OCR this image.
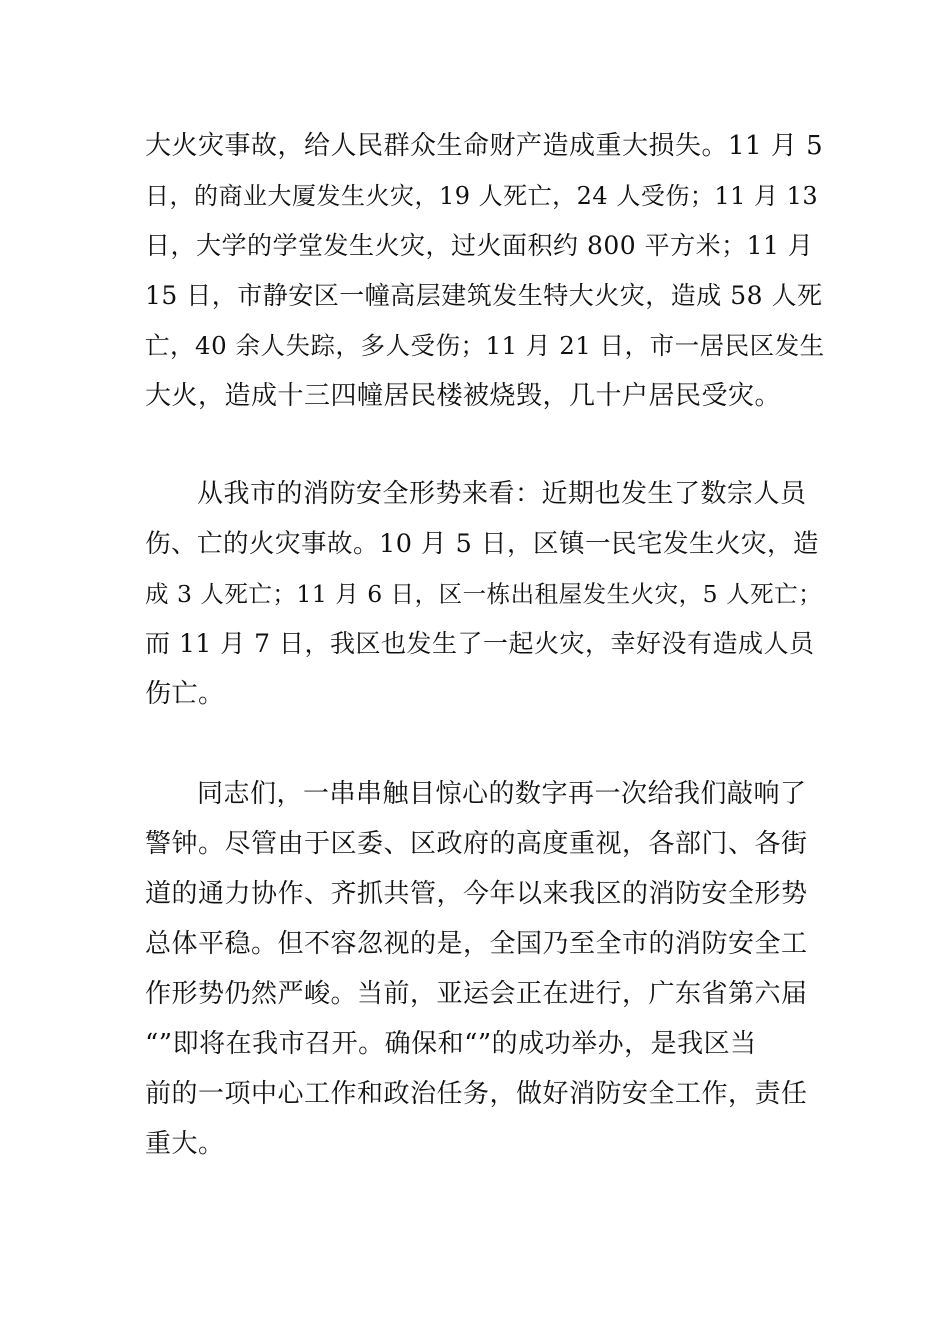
大火灾事故，给人民群众生命财产造成重大损失。11 月 5
日，的商业大厦发生火灾，19 人死亡，24 人受伤；11 月 13
日，大学的学堂发生火灾，过火面积约 800 平方米；11 月
15 日，市静安区一幢高层建筑发生特大火灾，造成 58 人死
亡，40 余人失踪，多人受伤；11 月 21 日，市一居民区发生
大火，造成十三四幢居民楼被烧毁，几十户居民受灾。
从我市的消防安全形势来看：近期也发生了数宗人员
伤、亡的火灾事故。10 月 5 日，区镇一民宅发生火灾，造
成 3 人死亡；11 月 6 日，区一栋出租屋发生火灾，5 人死亡；
而 11 月 7 日，我区也发生了一起火灾，幸好没有造成人员
伤亡。
同志们，一串串触目惊心的数字再一次给我们敲响了
警钟。尽管由于区委、区政府的高度重视，各部门、各街
道的通力协作、齐抓共管，今年以来我区的消防安全形势
总体平稳。但不容忽视的是，全国乃至全市的消防安全工
作形势仍然严峻。当前，亚运会正在进行，广东省第六届
“”即将在我市召开。确保和“”的成功举办，是我区当
前的一项中心工作和政治任务，做好消防安全工作，责任
重大。
